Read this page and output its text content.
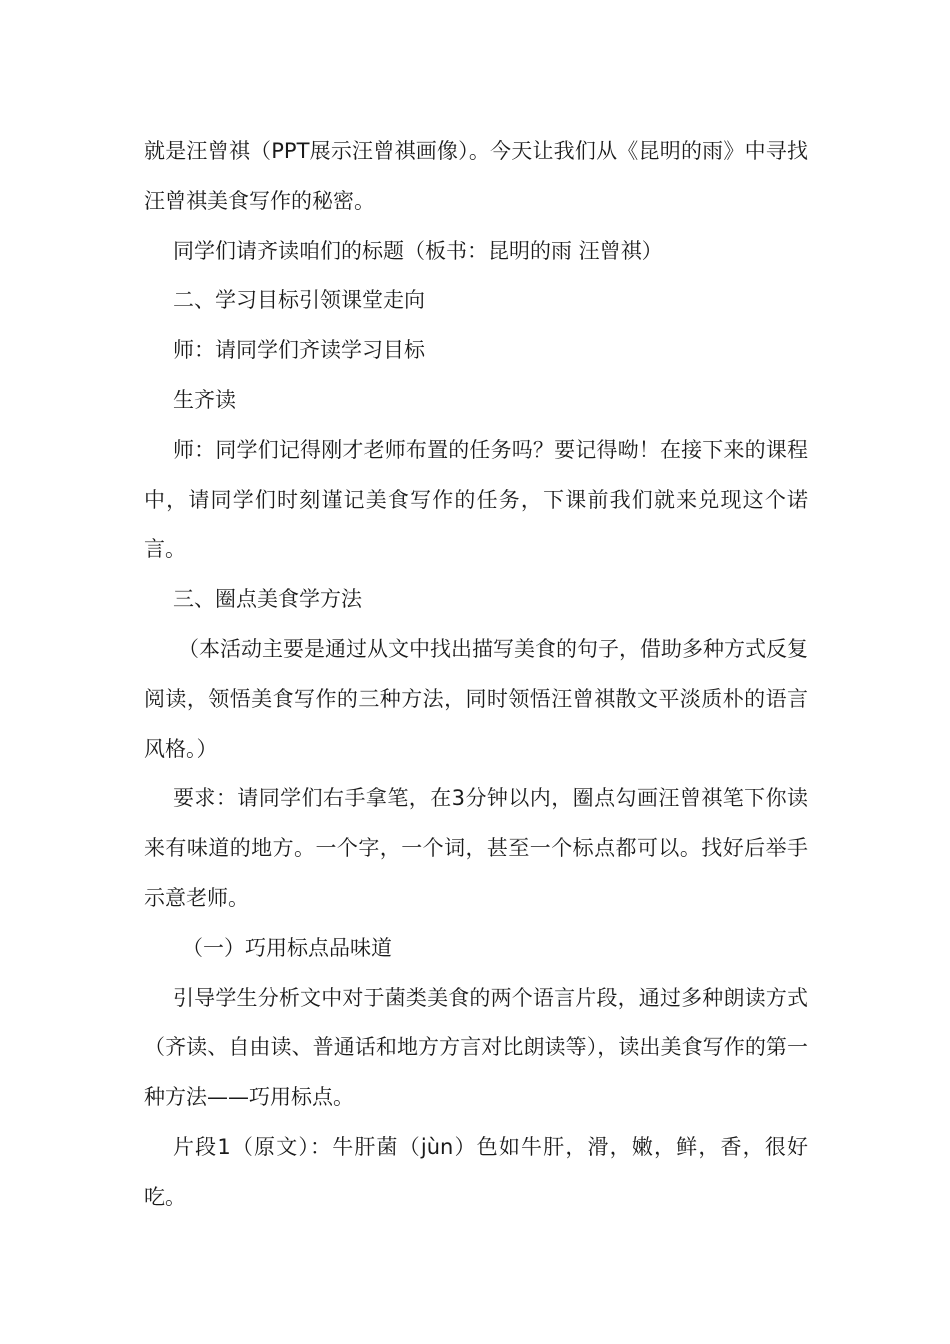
就是汪曾祺（PPT展示汪曾祺画像）。今天让我们从《昆明的雨》中寻找汪曾祺美食写作的秘密。

同学们请齐读咱们的标题（板书：昆明的雨 汪曾祺）

二、学习目标引领课堂走向

师：请同学们齐读学习目标

生齐读

师：同学们记得刚才老师布置的任务吗？要记得呦！在接下来的课程中，请同学们时刻谨记美食写作的任务，下课前我们就来兑现这个诺言。

三、圈点美食学方法

（本活动主要是通过从文中找出描写美食的句子，借助多种方式反复阅读，领悟美食写作的三种方法，同时领悟汪曾祺散文平淡质朴的语言风格。）

要求：请同学们右手拿笔，在3分钟以内，圈点勾画汪曾祺笔下你读来有味道的地方。一个字，一个词，甚至一个标点都可以。找好后举手示意老师。

（一）巧用标点品味道

引导学生分析文中对于菌类美食的两个语言片段，通过多种朗读方式（齐读、自由读、普通话和地方方言对比朗读等），读出美食写作的第一种方法——巧用标点。

片段1（原文）：牛肝菌（jùn）色如牛肝，滑，嫩，鲜，香，很好吃。
